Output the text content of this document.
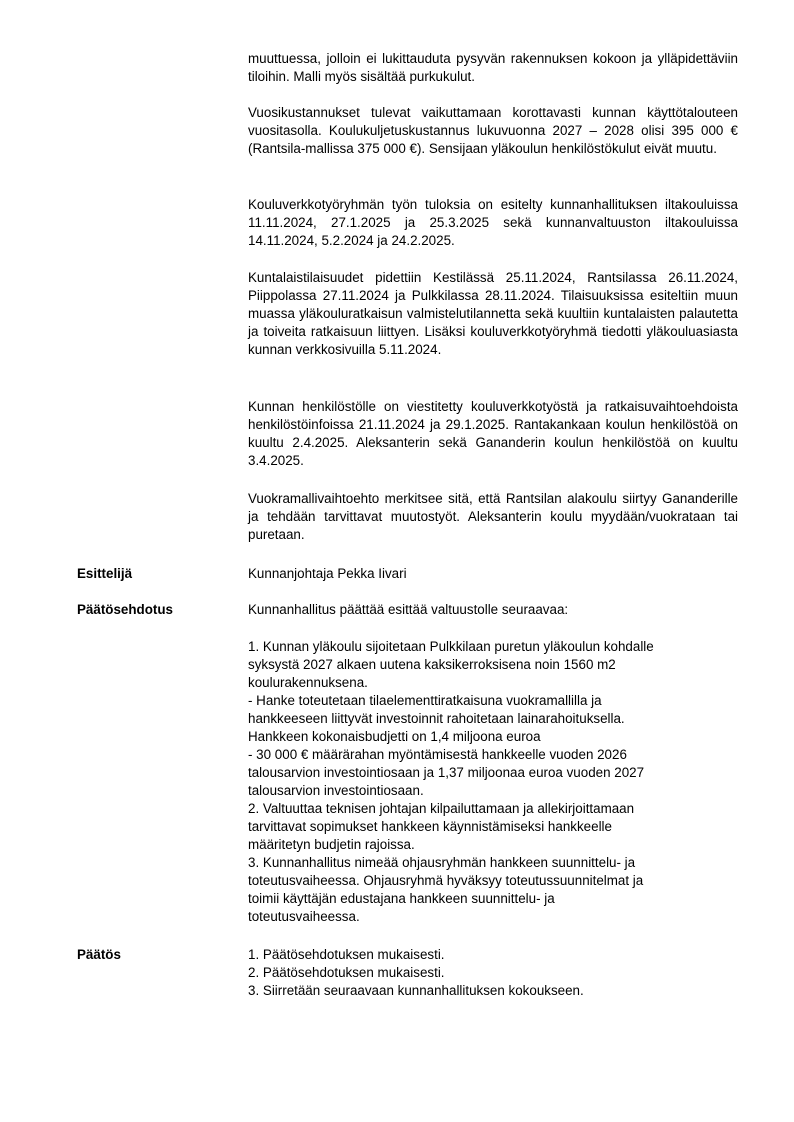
muuttuessa, jolloin ei lukittauduta pysyvän rakennuksen kokoon ja ylläpidettäviin tiloihin. Malli myös sisältää purkukulut.
Vuosikustannukset tulevat vaikuttamaan korottavasti kunnan käyttötalouteen vuositasolla. Koulukuljetuskustannus lukuvuonna 2027 – 2028 olisi 395 000 € (Rantsila-mallissa 375 000 €). Sensijaan yläkoulun henkilöstökulut eivät muutu.
Kouluverkkotyöryhmän työn tuloksia on esitelty kunnanhallituksen iltakouluissa 11.11.2024, 27.1.2025 ja 25.3.2025 sekä kunnanvaltuuston iltakouluissa 14.11.2024, 5.2.2024 ja 24.2.2025.
Kuntalaistilaisuudet pidettiin Kestilässä 25.11.2024, Rantsilassa 26.11.2024, Piippolassa 27.11.2024 ja Pulkkilassa 28.11.2024. Tilaisuuksissa esiteltiin muun muassa yläkouluratkaisun valmistelutilannetta sekä kuultiin kuntalaisten palautetta ja toiveita ratkaisuun liittyen. Lisäksi kouluverkkotyöryhmä tiedotti yläkouluasiasta kunnan verkkosivuilla 5.11.2024.
Kunnan henkilöstölle on viestitetty kouluverkkotyöstä ja ratkaisuvaihtoehdoista henkilöstöinfoissa 21.11.2024 ja 29.1.2025. Rantakankaan koulun henkilöstöä on kuultu 2.4.2025. Aleksanterin sekä Gananderin koulun henkilöstöä on kuultu 3.4.2025.
Vuokramallivaihtoehto merkitsee sitä, että Rantsilan alakoulu siirtyy Gananderille ja tehdään tarvittavat muutostyöt. Aleksanterin koulu myydään/vuokrataan tai puretaan.
Esittelijä	Kunnanjohtaja Pekka Iivari
Päätösehdotus	Kunnanhallitus päättää esittää valtuustolle seuraavaa:
1. Kunnan yläkoulu sijoitetaan Pulkkilaan puretun yläkoulun kohdalle
syksystä 2027 alkaen uutena kaksikerroksisena noin 1560 m2
koulurakennuksena.
- Hanke toteutetaan tilaelementtiratkaisuna vuokramallilla ja
hankkeeseen liittyvät investoinnit rahoitetaan lainarahoituksella.
Hankkeen kokonaisbudjetti on 1,4 miljoona euroa
- 30 000 € määrärahan myöntämisestä hankkeelle vuoden 2026
talousarvion investointiosaan ja 1,37 miljoonaa euroa vuoden 2027
talousarvion investointiosaan.
2. Valtuuttaa teknisen johtajan kilpailuttamaan ja allekirjoittamaan
tarvittavat sopimukset hankkeen käynnistämiseksi hankkeelle
määritetyn budjetin rajoissa.
3. Kunnanhallitus nimeää ohjausryhmän hankkeen suunnittelu- ja
toteutusvaiheessa. Ohjausryhmä hyväksyy toteutussuunnitelmat ja
toimii käyttäjän edustajana hankkeen suunnittelu- ja
toteutusvaiheessa.
Päätös	1. Päätösehdotuksen mukaisesti.
2. Päätösehdotuksen mukaisesti.
3. Siirretään seuraavaan kunnanhallituksen kokoukseen.
